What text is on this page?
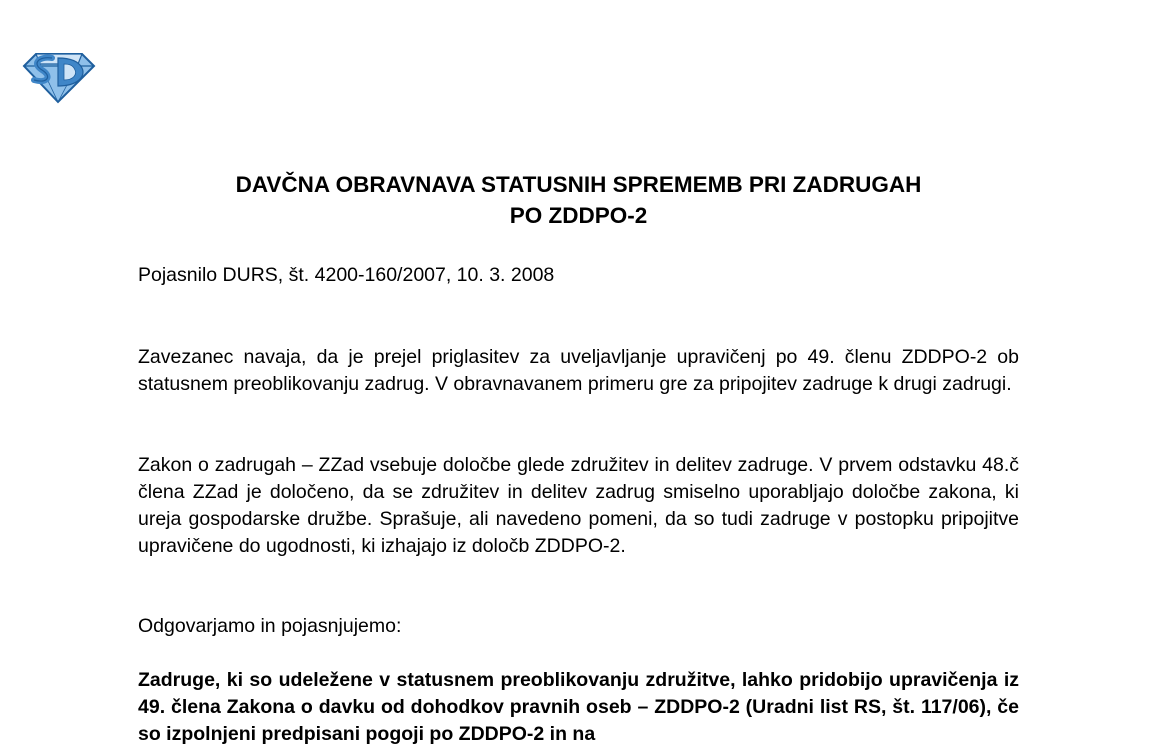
DAVČNA OBRAVNAVA STATUSNIH SPREMEMB PRI ZADRUGAH
PO ZDDPO-2

Pojasnilo DURS, št. 4200-160/2007, 10. 3. 2008

Zavezanec navaja, da je prejel priglasitev za uveljavljanje upravičenj po 49. členu ZDDPO-2 ob statusnem preoblikovanju zadrug. V obravnavanem primeru gre za pripojitev zadruge k drugi zadrugi.

Zakon o zadrugah – ZZad vsebuje določbe glede združitev in delitev zadruge. V prvem odstavku 48.č člena ZZad je določeno, da se združitev in delitev zadrug smiselno uporabljajo določbe zakona, ki ureja gospodarske družbe. Sprašuje, ali navedeno pomeni, da so tudi zadruge v postopku pripojitve upravičene do ugodnosti, ki izhajajo iz določb ZDDPO-2.

Odgovarjamo in pojasnjujemo:

Zadruge, ki so udeležene v statusnem preoblikovanju združitve, lahko pridobijo upravičenja iz 49. člena Zakona o davku od dohodkov pravnih oseb – ZDDPO-2 (Uradni list RS, št. 117/06), če so izpolnjeni predpisani pogoji po ZDDPO-2 in na
